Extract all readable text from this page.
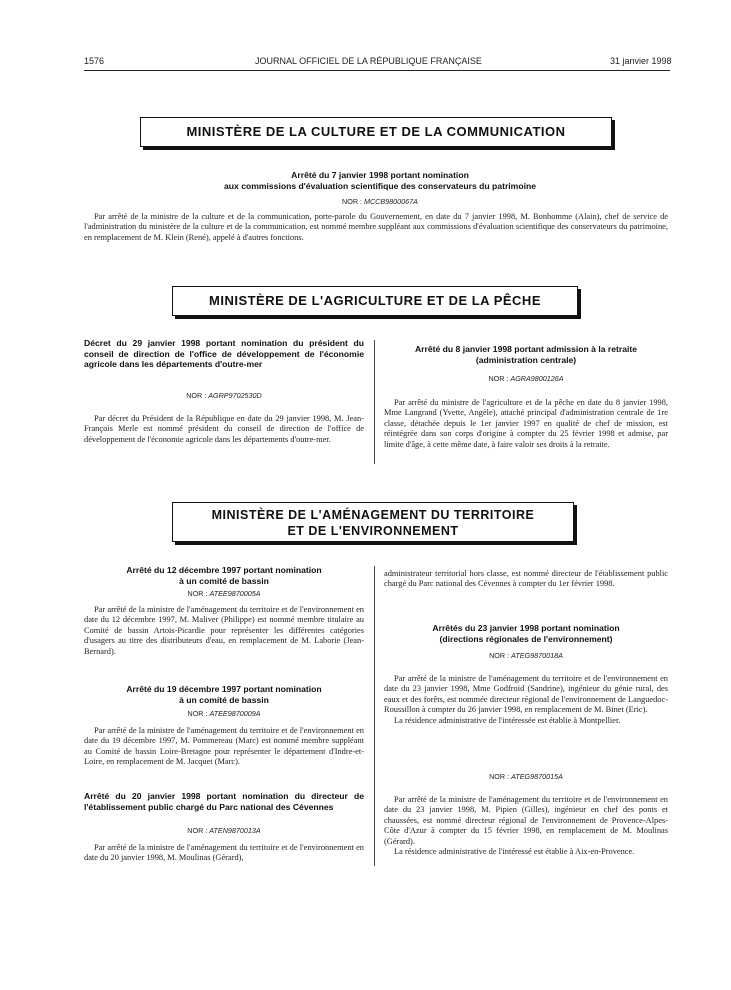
1576	JOURNAL OFFICIEL DE LA RÉPUBLIQUE FRANÇAISE	31 janvier 1998
MINISTÈRE DE LA CULTURE ET DE LA COMMUNICATION
Arrêté du 7 janvier 1998 portant nomination
aux commissions d'évaluation scientifique des conservateurs du patrimoine
NOR : MCCB9800067A

Par arrêté de la ministre de la culture et de la communication, porte-parole du Gouvernement, en date du 7 janvier 1998, M. Bonhomme (Alain), chef de service de l'administration du ministère de la culture et de la communication, est nommé membre suppléant aux commissions d'évaluation scientifique des conservateurs du patrimoine, en remplacement de M. Klein (René), appelé à d'autres fonctions.

MINISTÈRE DE L'AGRICULTURE ET DE LA PÊCHE
Décret du 29 janvier 1998 portant nomination du président du conseil de direction de l'office de développement de l'économie agricole dans les départements d'outre-mer
NOR : AGRP9702530D

Par décret du Président de la République en date du 29 janvier 1998, M. Jean-François Merle est nommé président du conseil de direction de l'office de développement de l'économie agricole dans les départements d'outre-mer.

Arrêté du 8 janvier 1998 portant admission à la retraite
(administration centrale)
NOR : AGRA9800126A

Par arrêté du ministre de l'agriculture et de la pêche en date du 8 janvier 1998, Mme Langrand (Yvette, Angèle), attaché principal d'administration centrale de 1re classe, détachée depuis le 1er janvier 1997 en qualité de chef de mission, est réintégrée dans son corps d'origine à compter du 25 février 1998 et admise, par limite d'âge, à cette même date, à faire valoir ses droits à la retraite.

MINISTÈRE DE L'AMÉNAGEMENT DU TERRITOIRE
ET DE L'ENVIRONNEMENT
Arrêté du 12 décembre 1997 portant nomination
à un comité de bassin
NOR : ATEE9870005A

Par arrêté de la ministre de l'aménagement du territoire et de l'environnement en date du 12 décembre 1997, M. Maliver (Philippe) est nommé membre titulaire au Comité de bassin Artois-Picardie pour représenter les différentes catégories d'usagers au titre des distributeurs d'eau, en remplacement de M. Laborie (Jean-Bernard).

Arrêté du 19 décembre 1997 portant nomination
à un comité de bassin
NOR : ATEE9870009A

Par arrêté de la ministre de l'aménagement du territoire et de l'environnement en date du 19 décembre 1997, M. Pommereau (Marc) est nommé membre suppléant au Comité de bassin Loire-Bretagne pour représenter le département d'Indre-et-Loire, en remplacement de M. Jacquet (Marc).

Arrêté du 20 janvier 1998 portant nomination du directeur de l'établissement public chargé du Parc national des Cévennes
NOR : ATEN9870013A

Par arrêté de la ministre de l'aménagement du territoire et de l'environnement en date du 20 janvier 1998, M. Moulinas (Gérard),

administrateur territorial hors classe, est nommé directeur de l'établissement public chargé du Parc national des Cévennes à compter du 1er février 1998.

Arrêtés du 23 janvier 1998 portant nomination
(directions régionales de l'environnement)
NOR : ATEG9870018A

Par arrêté de la ministre de l'aménagement du territoire et de l'environnement en date du 23 janvier 1998, Mme Godfroid (Sandrine), ingénieur du génie rural, des eaux et des forêts, est nommée directeur régional de l'environnement de Languedoc-Roussillon à compter du 26 janvier 1998, en remplacement de M. Binet (Eric).

La résidence administrative de l'intéressée est établie à Montpellier.

NOR : ATEG9870015A

Par arrêté de la ministre de l'aménagement du territoire et de l'environnement en date du 23 janvier 1998, M. Pipien (Gilles), ingénieur en chef des ponts et chaussées, est nommé directeur régional de l'environnement de Provence-Alpes-Côte d'Azur à compter du 15 février 1998, en remplacement de M. Moulinas (Gérard).

La résidence administrative de l'intéressé est établie à Aix-en-Provence.
